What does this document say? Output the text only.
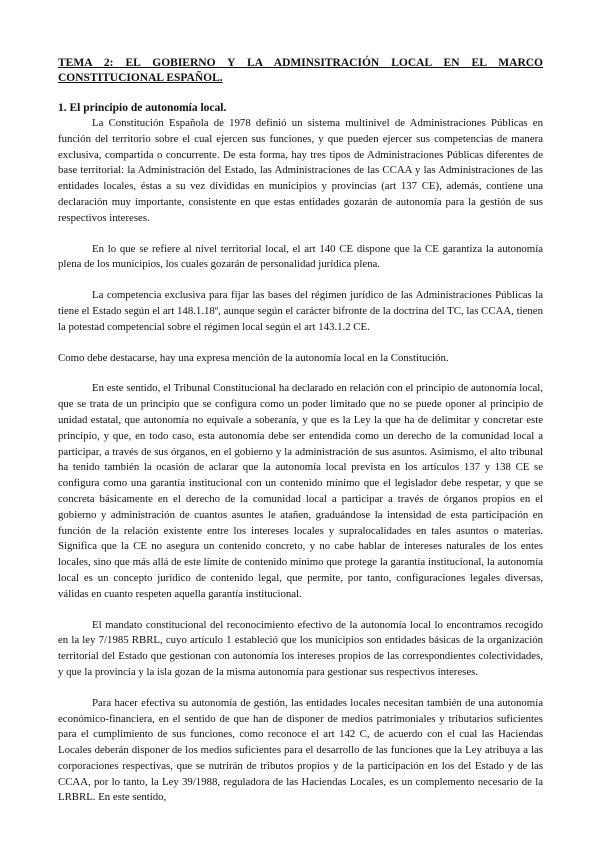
TEMA 2: EL GOBIERNO Y LA ADMINSITRACIÓN LOCAL EN EL MARCO CONSTITUCIONAL ESPAÑOL.
1. El principio de autonomía local.

La Constitución Española de 1978 definió un sistema multinivel de Administraciones Públicas en función del territorio sobre el cual ejercen sus funciones, y que pueden ejercer sus competencias de manera exclusiva, compartida o concurrente. De esta forma, hay tres tipos de Administraciones Públicas diferentes de base territorial: la Administración del Estado, las Administraciones de las CCAA y las Administraciones de las entidades locales, éstas a su vez divididas en municipios y provincias (art 137 CE), además, contiene una declaración muy importante, consistente en que estas entidades gozarán de autonomía para la gestión de sus respectivos intereses.

En lo que se refiere al nivel territorial local, el art 140 CE dispone que la CE garantiza la autonomía plena de los municipios, los cuales gozarán de personalidad jurídica plena.

La competencia exclusiva para fijar las bases del régimen jurídico de las Administraciones Públicas la tiene el Estado según el art 148.1.18º, aunque según el carácter bifronte de la doctrina del TC, las CCAA, tienen la potestad competencial sobre el régimen local según el art 143.1.2 CE.

Como debe destacarse, hay una expresa mención de la autonomía local en la Constitución.

En este sentido, el Tribunal Constitucional ha declarado en relación con el principio de autonomía local, que se trata de un principio que se configura como un poder limitado que no se puede oponer al principio de unidad estatal, que autonomía no equivale a soberanía, y que es la Ley la que ha de delimitar y concretar este principio, y que, en todo caso, esta autonomía debe ser entendida como un derecho de la comunidad local a participar, a través de sus órganos, en el gobierno y la administración de sus asuntos. Asimismo, el alto tribunal ha tenido también la ocasión de aclarar que la autonomía local prevista en los artículos 137 y 138 CE se configura como una garantía institucional con un contenido mínimo que el legislador debe respetar, y que se concreta básicamente en el derecho de la comunidad local a participar a través de órganos propios en el gobierno y administración de cuantos asuntes le atañen, graduándose la intensidad de esta participación en función de la relación existente entre los intereses locales y supralocalidades en tales asuntos o materias. Significa que la CE no asegura un contenido concreto, y no cabe hablar de intereses naturales de los entes locales, sino que más allá de este límite de contenido mínimo que protege la garantía institucional, la autonomía local es un concepto jurídico de contenido legal, que permite, por tanto, configuraciones legales diversas, válidas en cuanto respeten aquella garantía institucional.

El mandato constitucional del reconocimiento efectivo de la autonomía local lo encontramos recogido en la ley 7/1985 RBRL, cuyo artículo 1 estableció que los municipios son entidades básicas de la organización territorial del Estado que gestionan con autonomía los intereses propios de las correspondientes colectividades, y que la provincia y la isla gozan de la misma autonomía para gestionar sus respectivos intereses.

Para hacer efectiva su autonomía de gestión, las entidades locales necesitan también de una autonomía económico-financiera, en el sentido de que han de disponer de medios patrimoniales y tributarios suficientes para el cumplimiento de sus funciones, como reconoce el art 142 C, de acuerdo con el cual las Haciendas Locales deberán disponer de los medios suficientes para el desarrollo de las funciones que la Ley atribuya a las corporaciones respectivas, que se nutrirán de tributos propios y de la participación en los del Estado y de las CCAA, por lo tanto, la Ley 39/1988, reguladora de las Haciendas Locales, es un complemento necesario de la LRBRL. En este sentido,
